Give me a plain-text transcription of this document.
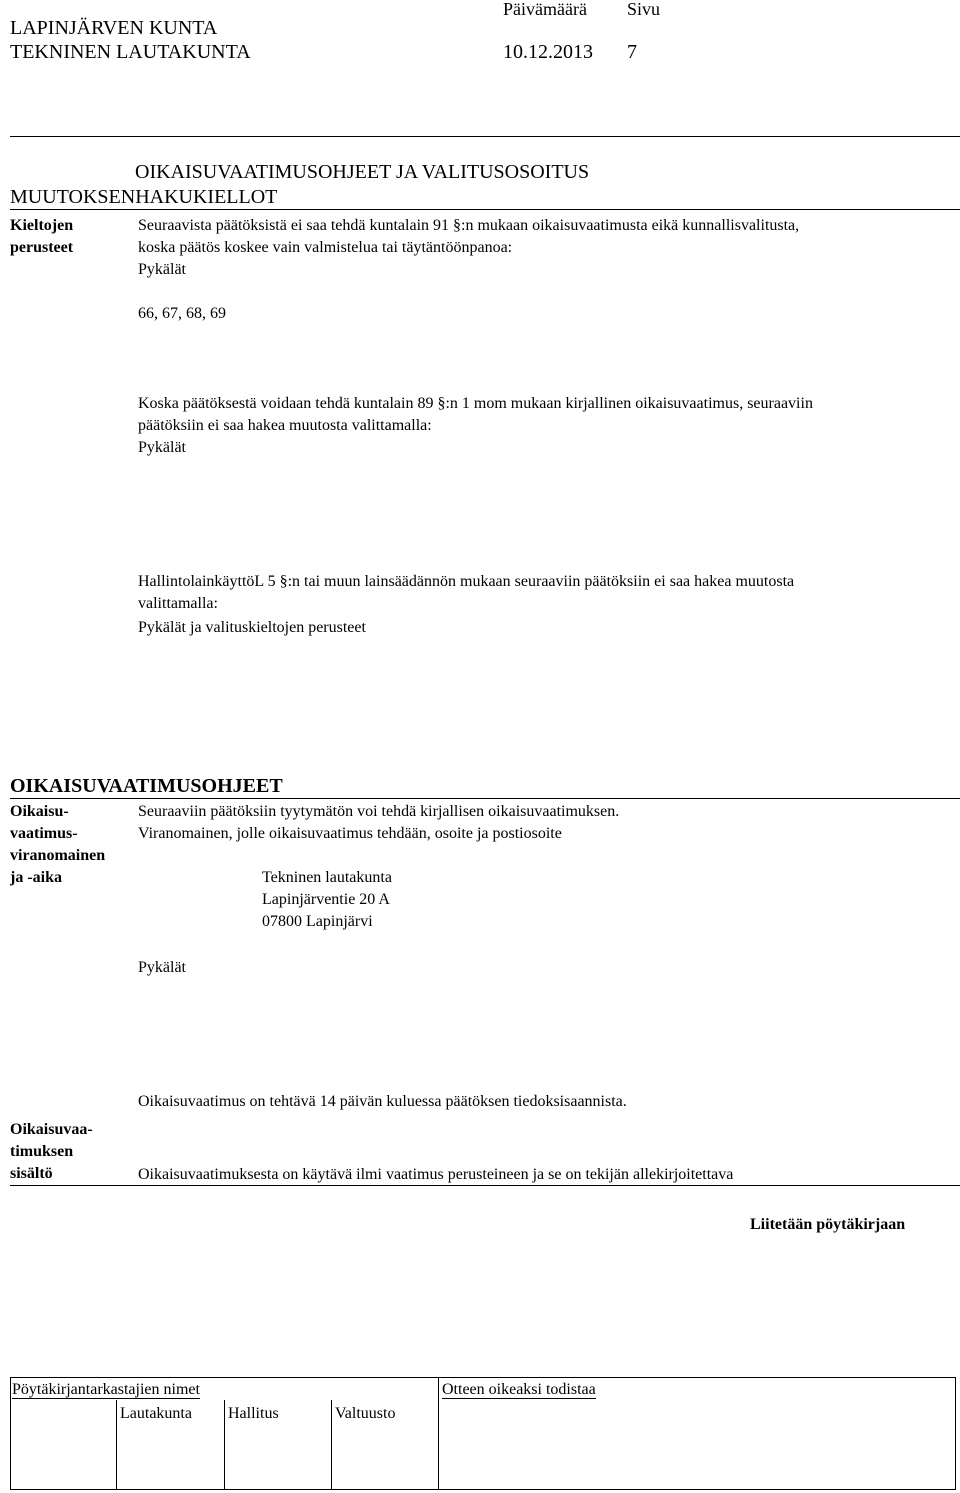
LAPINJÄRVEN KUNTA
TEKNINEN LAUTAKUNTA
Päivämäärä Sivu
10.12.2013 7
OIKAISUVAATIMUSOHJEET JA VALITUSOSOITUS
MUUTOKSENHAKUKIELLOT
Kieltojen
perusteet
Seuraavista päätöksistä ei saa tehdä kuntalain 91 §:n mukaan oikaisuvaatimusta eikä kunnallisvalitusta,
koska päätös koskee vain valmistelua tai täytäntöönpanoa:
Pykälät
66, 67, 68, 69
Koska päätöksestä voidaan tehdä kuntalain 89 §:n 1 mom mukaan kirjallinen oikaisuvaatimus, seuraaviin
päätöksiin ei saa hakea muutosta valittamalla:
Pykälät
HallintolainkäyttöL 5 §:n tai muun lainsäädännön mukaan seuraaviin päätöksiin ei saa hakea muutosta
valittamalla:
Pykälät ja valituskieltojen perusteet
OIKAISUVAATIMUSOHJEET
Oikaisu-
vaatimus-
viranomainen
ja -aika
Seuraaviin päätöksiin tyytymätön voi tehdä kirjallisen oikaisuvaatimuksen.
Viranomainen, jolle oikaisuvaatimus tehdään, osoite ja postiosoite
Tekninen lautakunta
Lapinjärventie 20 A
07800 Lapinjärvi
Pykälät
Oikaisuvaatimus on tehtävä 14 päivän kuluessa päätöksen tiedoksisaannista.
Oikaisuvaa-
timuksen
sisältö	Oikaisuvaatimuksesta on käytävä ilmi vaatimus perusteineen ja se on tekijän allekirjoitettava
Liitetään pöytäkirjaan
Pöytäkirjantarkastajien nimet	Otteen oikeaksi todistaa
Lautakunta Hallitus	Valtuusto
